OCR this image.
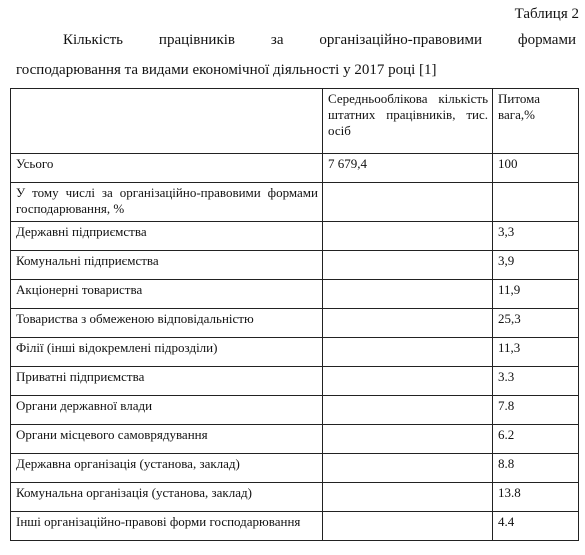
Таблиця 2
Кількість працівників за організаційно-правовими формами
господарювання та видами економічної діяльності у 2017 році [1]
	Середньооблікова кількість штатних працівників, тис. осіб	Питома вага,%
Усього	7 679,4	100
У тому числі за організаційно-правовими формами господарювання, %		
Державні підприємства		3,3
Комунальні підприємства		3,9
Акціонерні товариства		11,9
Товариства з обмеженою відповідальністю		25,3
Філії (інші відокремлені підрозділи)		11,3
Приватні підприємства		3.3
Органи державної влади		7.8
Органи місцевого самоврядування		6.2
Державна організація (установа, заклад)		8.8
Комунальна організація (установа, заклад)		13.8
Інші організаційно-правові форми господарювання		4.4
